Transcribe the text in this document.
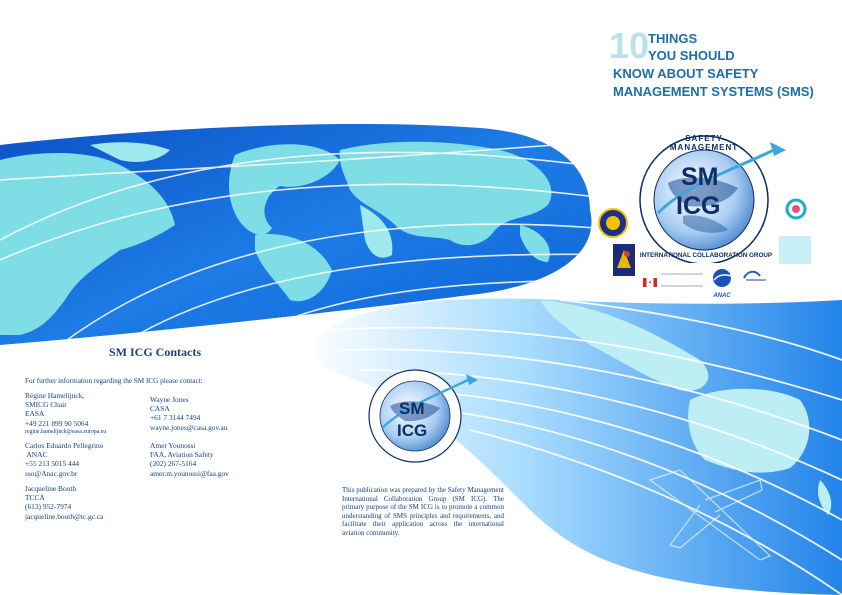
10
THINGS
YOU SHOULD
KNOW ABOUT SAFETY
MANAGEMENT SYSTEMS (SMS)
SAFETY MANAGEMENT
INTERNATIONAL COLLABORATION GROUP
SM
ICG
ANAC
SM ICG Contacts
For further information regarding the SM ICG please contact:
Régine Hamelijnck,
SMICG Chair
EASA
+49 221 899 90 5064
regine.hamelijnck@easa.europa.eu
Carlos Eduardo Pellegrino
ANAC
+55 213 5015 444
sso@Anac.gov.br
Jacqueline Booth
TCCA
(613) 952-7974
jacqueline.booth@tc.gc.ca
Wayne Jones
CASA
+61 7 3144 7494
wayne.jones@casa.gov.au
Amer Younossi
FAA, Aviation Safety
(202) 267-5164
amer.m.younossi@faa.gov
SM
ICG
This publication was prepared by the Safety Management International Collaboration Group (SM ICG). The primary purpose of the SM ICG is to promote a common understanding of SMS principles and requirements, and facilitate their application across the international aviation community.
